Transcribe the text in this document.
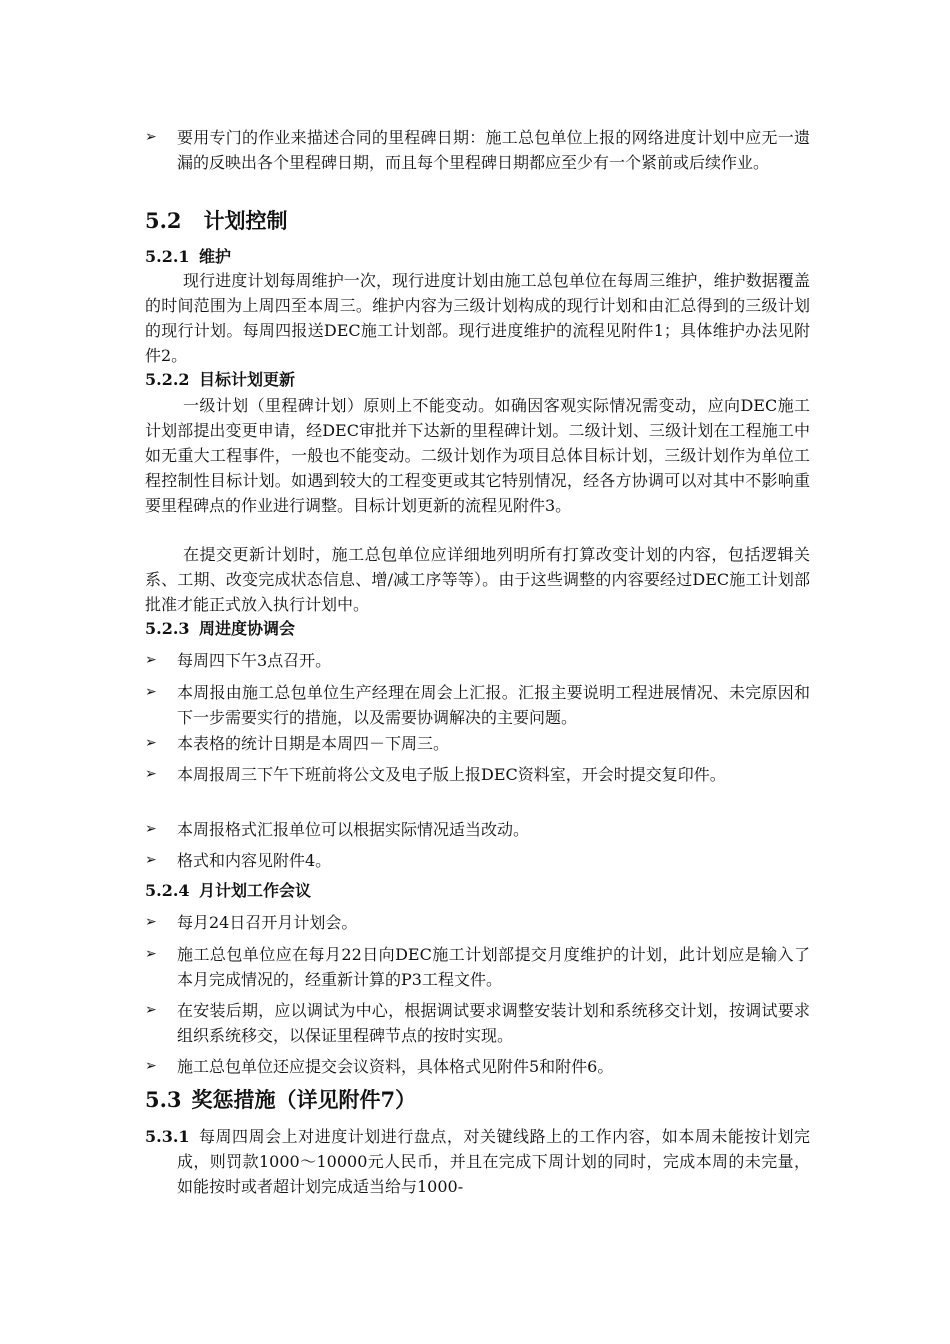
➢ 要用专门的作业来描述合同的里程碑日期：施工总包单位上报的网络进度计划中应无一遗漏的反映出各个里程碑日期，而且每个里程碑日期都应至少有一个紧前或后续作业。
5.2 计划控制
5.2.1 维护
现行进度计划每周维护一次，现行进度计划由施工总包单位在每周三维护，维护数据覆盖的时间范围为上周四至本周三。维护内容为三级计划构成的现行计划和由汇总得到的三级计划的现行计划。每周四报送DEC施工计划部。现行进度维护的流程见附件1；具体维护办法见附件2。
5.2.2 目标计划更新
一级计划（里程碑计划）原则上不能变动。如确因客观实际情况需变动，应向DEC施工计划部提出变更申请，经DEC审批并下达新的里程碑计划。二级计划、三级计划在工程施工中如无重大工程事件，一般也不能变动。二级计划作为项目总体目标计划，三级计划作为单位工程控制性目标计划。如遇到较大的工程变更或其它特别情况，经各方协调可以对其中不影响重要里程碑点的作业进行调整。目标计划更新的流程见附件3。
在提交更新计划时，施工总包单位应详细地列明所有打算改变计划的内容，包括逻辑关系、工期、改变完成状态信息、增/减工序等等）。由于这些调整的内容要经过DEC施工计划部批准才能正式放入执行计划中。
5.2.3 周进度协调会
➢ 每周四下午3点召开。
➢ 本周报由施工总包单位生产经理在周会上汇报。汇报主要说明工程进展情况、未完原因和下一步需要实行的措施，以及需要协调解决的主要问题。
➢ 本表格的统计日期是本周四－下周三。
➢ 本周报周三下午下班前将公文及电子版上报DEC资料室，开会时提交复印件。
➢ 本周报格式汇报单位可以根据实际情况适当改动。
➢ 格式和内容见附件4。
5.2.4 月计划工作会议
➢ 每月24日召开月计划会。
➢ 施工总包单位应在每月22日向DEC施工计划部提交月度维护的计划，此计划应是输入了本月完成情况的，经重新计算的P3工程文件。
➢ 在安装后期，应以调试为中心，根据调试要求调整安装计划和系统移交计划，按调试要求组织系统移交，以保证里程碑节点的按时实现。
➢ 施工总包单位还应提交会议资料，具体格式见附件5和附件6。
5.3 奖惩措施（详见附件7）
5.3.1 每周四周会上对进度计划进行盘点，对关键线路上的工作内容，如本周未能按计划完成，则罚款1000～10000元人民币，并且在完成下周计划的同时，完成本周的未完量，如能按时或者超计划完成适当给与1000-
